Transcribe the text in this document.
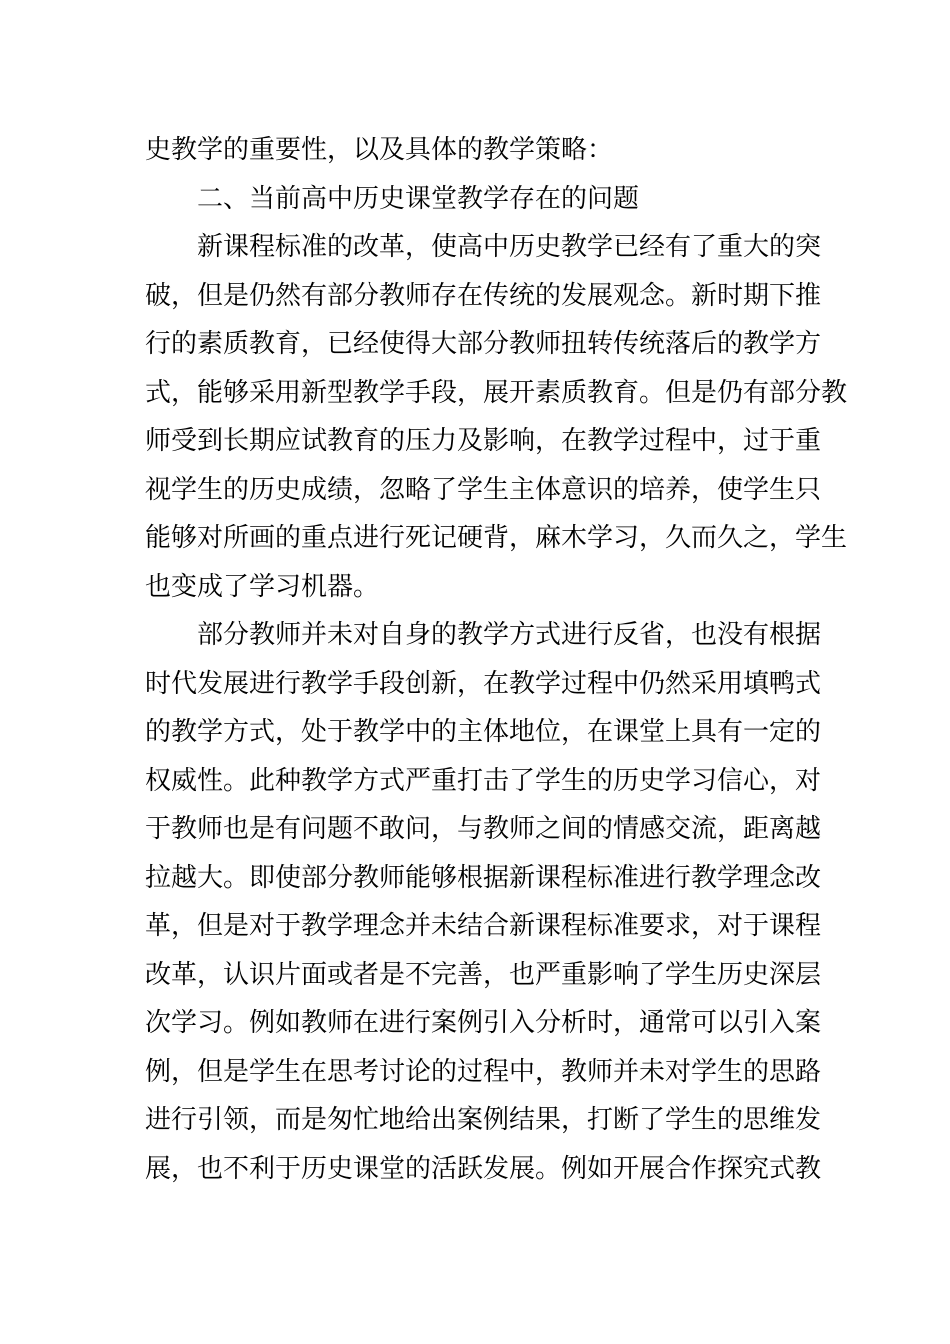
史教学的重要性，以及具体的教学策略：
二、当前高中历史课堂教学存在的问题
新课程标准的改革，使高中历史教学已经有了重大的突
破，但是仍然有部分教师存在传统的发展观念。新时期下推
行的素质教育，已经使得大部分教师扭转传统落后的教学方
式，能够采用新型教学手段，展开素质教育。但是仍有部分教
师受到长期应试教育的压力及影响，在教学过程中，过于重
视学生的历史成绩，忽略了学生主体意识的培养，使学生只
能够对所画的重点进行死记硬背，麻木学习，久而久之，学生
也变成了学习机器。
部分教师并未对自身的教学方式进行反省，也没有根据
时代发展进行教学手段创新，在教学过程中仍然采用填鸭式
的教学方式，处于教学中的主体地位，在课堂上具有一定的
权威性。此种教学方式严重打击了学生的历史学习信心，对
于教师也是有问题不敢问，与教师之间的情感交流，距离越
拉越大。即使部分教师能够根据新课程标准进行教学理念改
革，但是对于教学理念并未结合新课程标准要求，对于课程
改革，认识片面或者是不完善，也严重影响了学生历史深层
次学习。例如教师在进行案例引入分析时，通常可以引入案
例，但是学生在思考讨论的过程中，教师并未对学生的思路
进行引领，而是匆忙地给出案例结果，打断了学生的思维发
展，也不利于历史课堂的活跃发展。例如开展合作探究式教
